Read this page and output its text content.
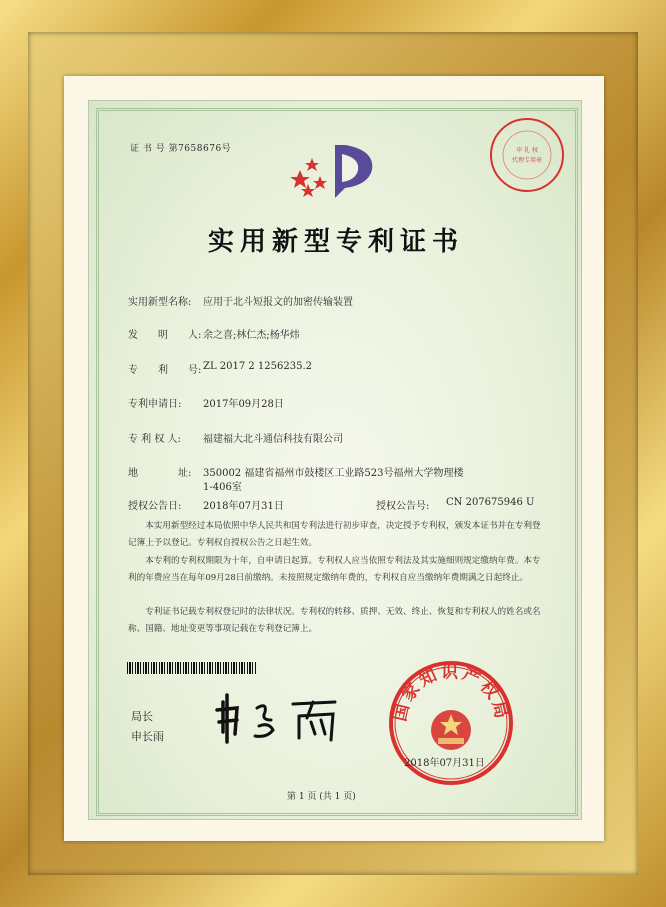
证 书 号 第7658676号
实用新型专利证书
申 礼 权
代理专用章
实用新型名称: 应用于北斗短报文的加密传输装置
发　　明　　人: 余之喜;林仁杰;杨华炜
专　　利　　号: ZL 2017 2 1256235.2
专利申请日: 2017年09月28日
专 利 权 人: 福建福大北斗通信科技有限公司
地　　　　址: 350002 福建省福州市鼓楼区工业路523号福州大学物理楼
1-406室
授权公告日: 2018年07月31日	授权公告号: CN 207675946 U
本实用新型经过本局依照中华人民共和国专利法进行初步审查，决定授予专利权，颁发本证书并在专利登记簿上予以登记。专利权自授权公告之日起生效。
本专利的专利权期限为十年，自申请日起算。专利权人应当依照专利法及其实施细则规定缴纳年费。本专利的年费应当在每年09月28日前缴纳。未按照规定缴纳年费的，专利权自应当缴纳年费期满之日起终止。
专利证书记载专利权登记时的法律状况。专利权的转移、质押、无效、终止、恢复和专利权人的姓名或名称、国籍、地址变更等事项记载在专利登记簿上。
局长
申长雨
国家知识产权局
2018年07月31日
第 1 页 (共 1 页)
